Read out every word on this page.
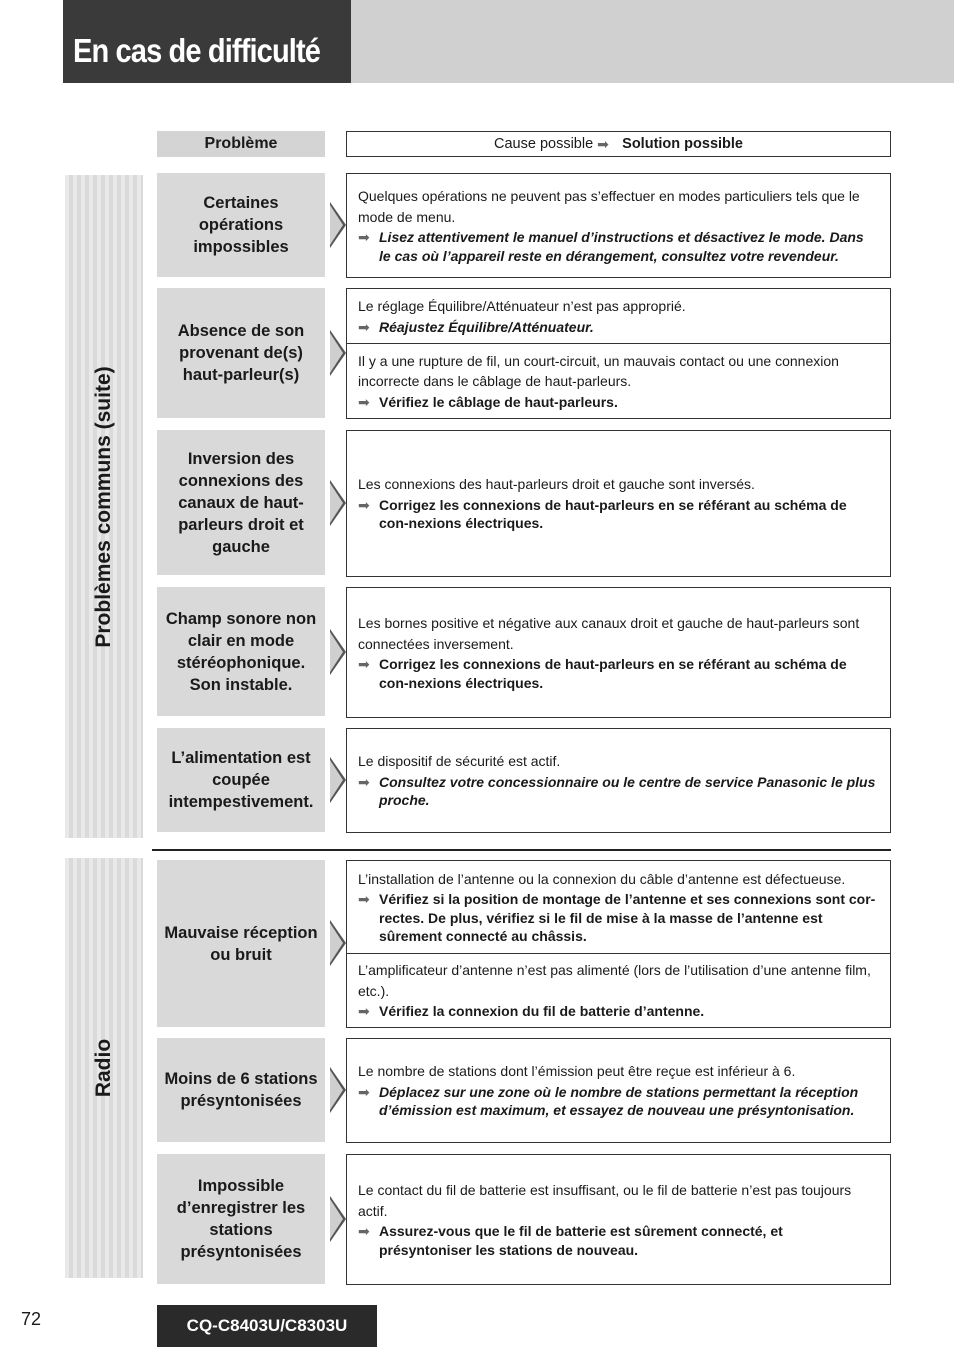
En cas de difficulté
Problème	Cause possible ➡ Solution possible
Problèmes communs (suite)
Radio
Certaines opérations impossibles

Quelques opérations ne peuvent pas s’effectuer en modes particuliers tels que le mode de menu.

➡ Lisez attentivement le manuel d’instructions et désactivez le mode. Dans le cas où l’appareil reste en dérangement, consultez votre revendeur.

Absence de son provenant de(s) haut-parleur(s)

Le réglage Équilibre/Atténuateur n’est pas approprié.

➡ Réajustez Équilibre/Atténuateur.

Il y a une rupture de fil, un court-circuit, un mauvais contact ou une connexion incorrecte dans le câblage de haut-parleurs.

➡ Vérifiez le câblage de haut-parleurs.

Inversion des connexions des canaux de haut-parleurs droit et gauche

Les connexions des haut-parleurs droit et gauche sont inversés.

➡ Corrigez les connexions de haut-parleurs en se référant au schéma de con-nexions électriques.

Champ sonore non clair en mode stéréophonique. Son instable.

Les bornes positive et négative aux canaux droit et gauche de haut-parleurs sont connectées inversement.

➡ Corrigez les connexions de haut-parleurs en se référant au schéma de con-nexions électriques.

L’alimentation est coupée intempestivement.

Le dispositif de sécurité est actif.

➡ Consultez votre concessionnaire ou le centre de service Panasonic le plus proche.

Mauvaise réception ou bruit

L’installation de l’antenne ou la connexion du câble d’antenne est défectueuse.

➡ Vérifiez si la position de montage de l’antenne et ses connexions sont cor-rectes. De plus, vérifiez si le fil de mise à la masse de l’antenne est sûrement connecté au châssis.

L’amplificateur d’antenne n’est pas alimenté (lors de l’utilisation d’une antenne film, etc.).

➡ Vérifiez la connexion du fil de batterie d’antenne.

Moins de 6 stations présyntonisées

Le nombre de stations dont l’émission peut être reçue est inférieur à 6.

➡ Déplacez sur une zone où le nombre de stations permettant la réception d’émission est maximum, et essayez de nouveau une présyntonisation.

Impossible d’enregistrer les stations présyntonisées

Le contact du fil de batterie est insuffisant, ou le fil de batterie n’est pas toujours actif.

➡ Assurez-vous que le fil de batterie est sûrement connecté, et présyntoniser les stations de nouveau.

72	CQ-C8403U/C8303U
